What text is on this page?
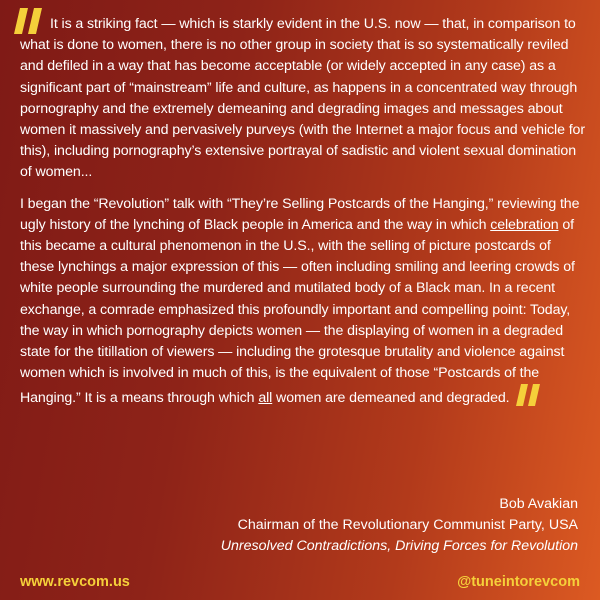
It is a striking fact — which is starkly evident in the U.S. now — that, in comparison to what is done to women, there is no other group in society that is so systematically reviled and defiled in a way that has become acceptable (or widely accepted in any case) as a significant part of “mainstream” life and culture, as happens in a concentrated way through pornography and the extremely demeaning and degrading images and messages about women it massively and pervasively purveys (with the Internet a major focus and vehicle for this), including pornography’s extensive portrayal of sadistic and violent sexual domination of women...

I began the “Revolution” talk with “They’re Selling Postcards of the Hanging,” reviewing the ugly history of the lynching of Black people in America and the way in which celebration of this became a cultural phenomenon in the U.S., with the selling of picture postcards of these lynchings a major expression of this — often including smiling and leering crowds of white people surrounding the murdered and mutilated body of a Black man. In a recent exchange, a comrade emphasized this profoundly important and compelling point: Today, the way in which pornography depicts women — the displaying of women in a degraded state for the titillation of viewers — including the grotesque brutality and violence against women which is involved in much of this, is the equivalent of those “Postcards of the Hanging.” It is a means through which all women are demeaned and degraded.

Bob Avakian
Chairman of the Revolutionary Communist Party, USA
Unresolved Contradictions, Driving Forces for Revolution
www.revcom.us	@tuneintorevcom
